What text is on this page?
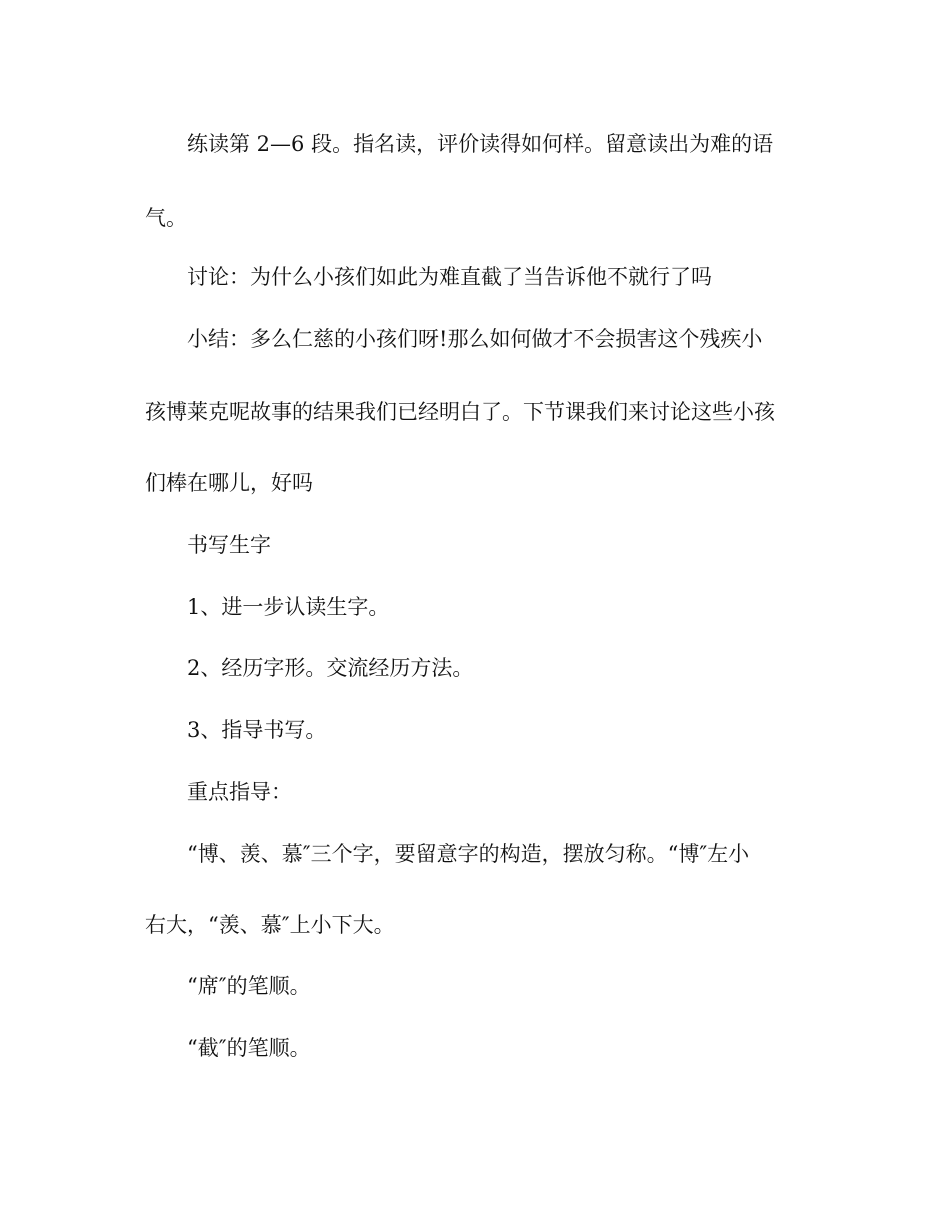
练读第 2—6 段。指名读，评价读得如何样。留意读出为难的语
气。
讨论：为什么小孩们如此为难直截了当告诉他不就行了吗
小结：多么仁慈的小孩们呀!那么如何做才不会损害这个残疾小
孩博莱克呢故事的结果我们已经明白了。下节课我们来讨论这些小孩
们棒在哪儿，好吗
书写生字
1、进一步认读生字。
2、经历字形。交流经历方法。
3、指导书写。
重点指导：
“博、羡、慕″三个字，要留意字的构造，摆放匀称。“博″左小
右大，“羡、慕″上小下大。
“席″的笔顺。
“截″的笔顺。
